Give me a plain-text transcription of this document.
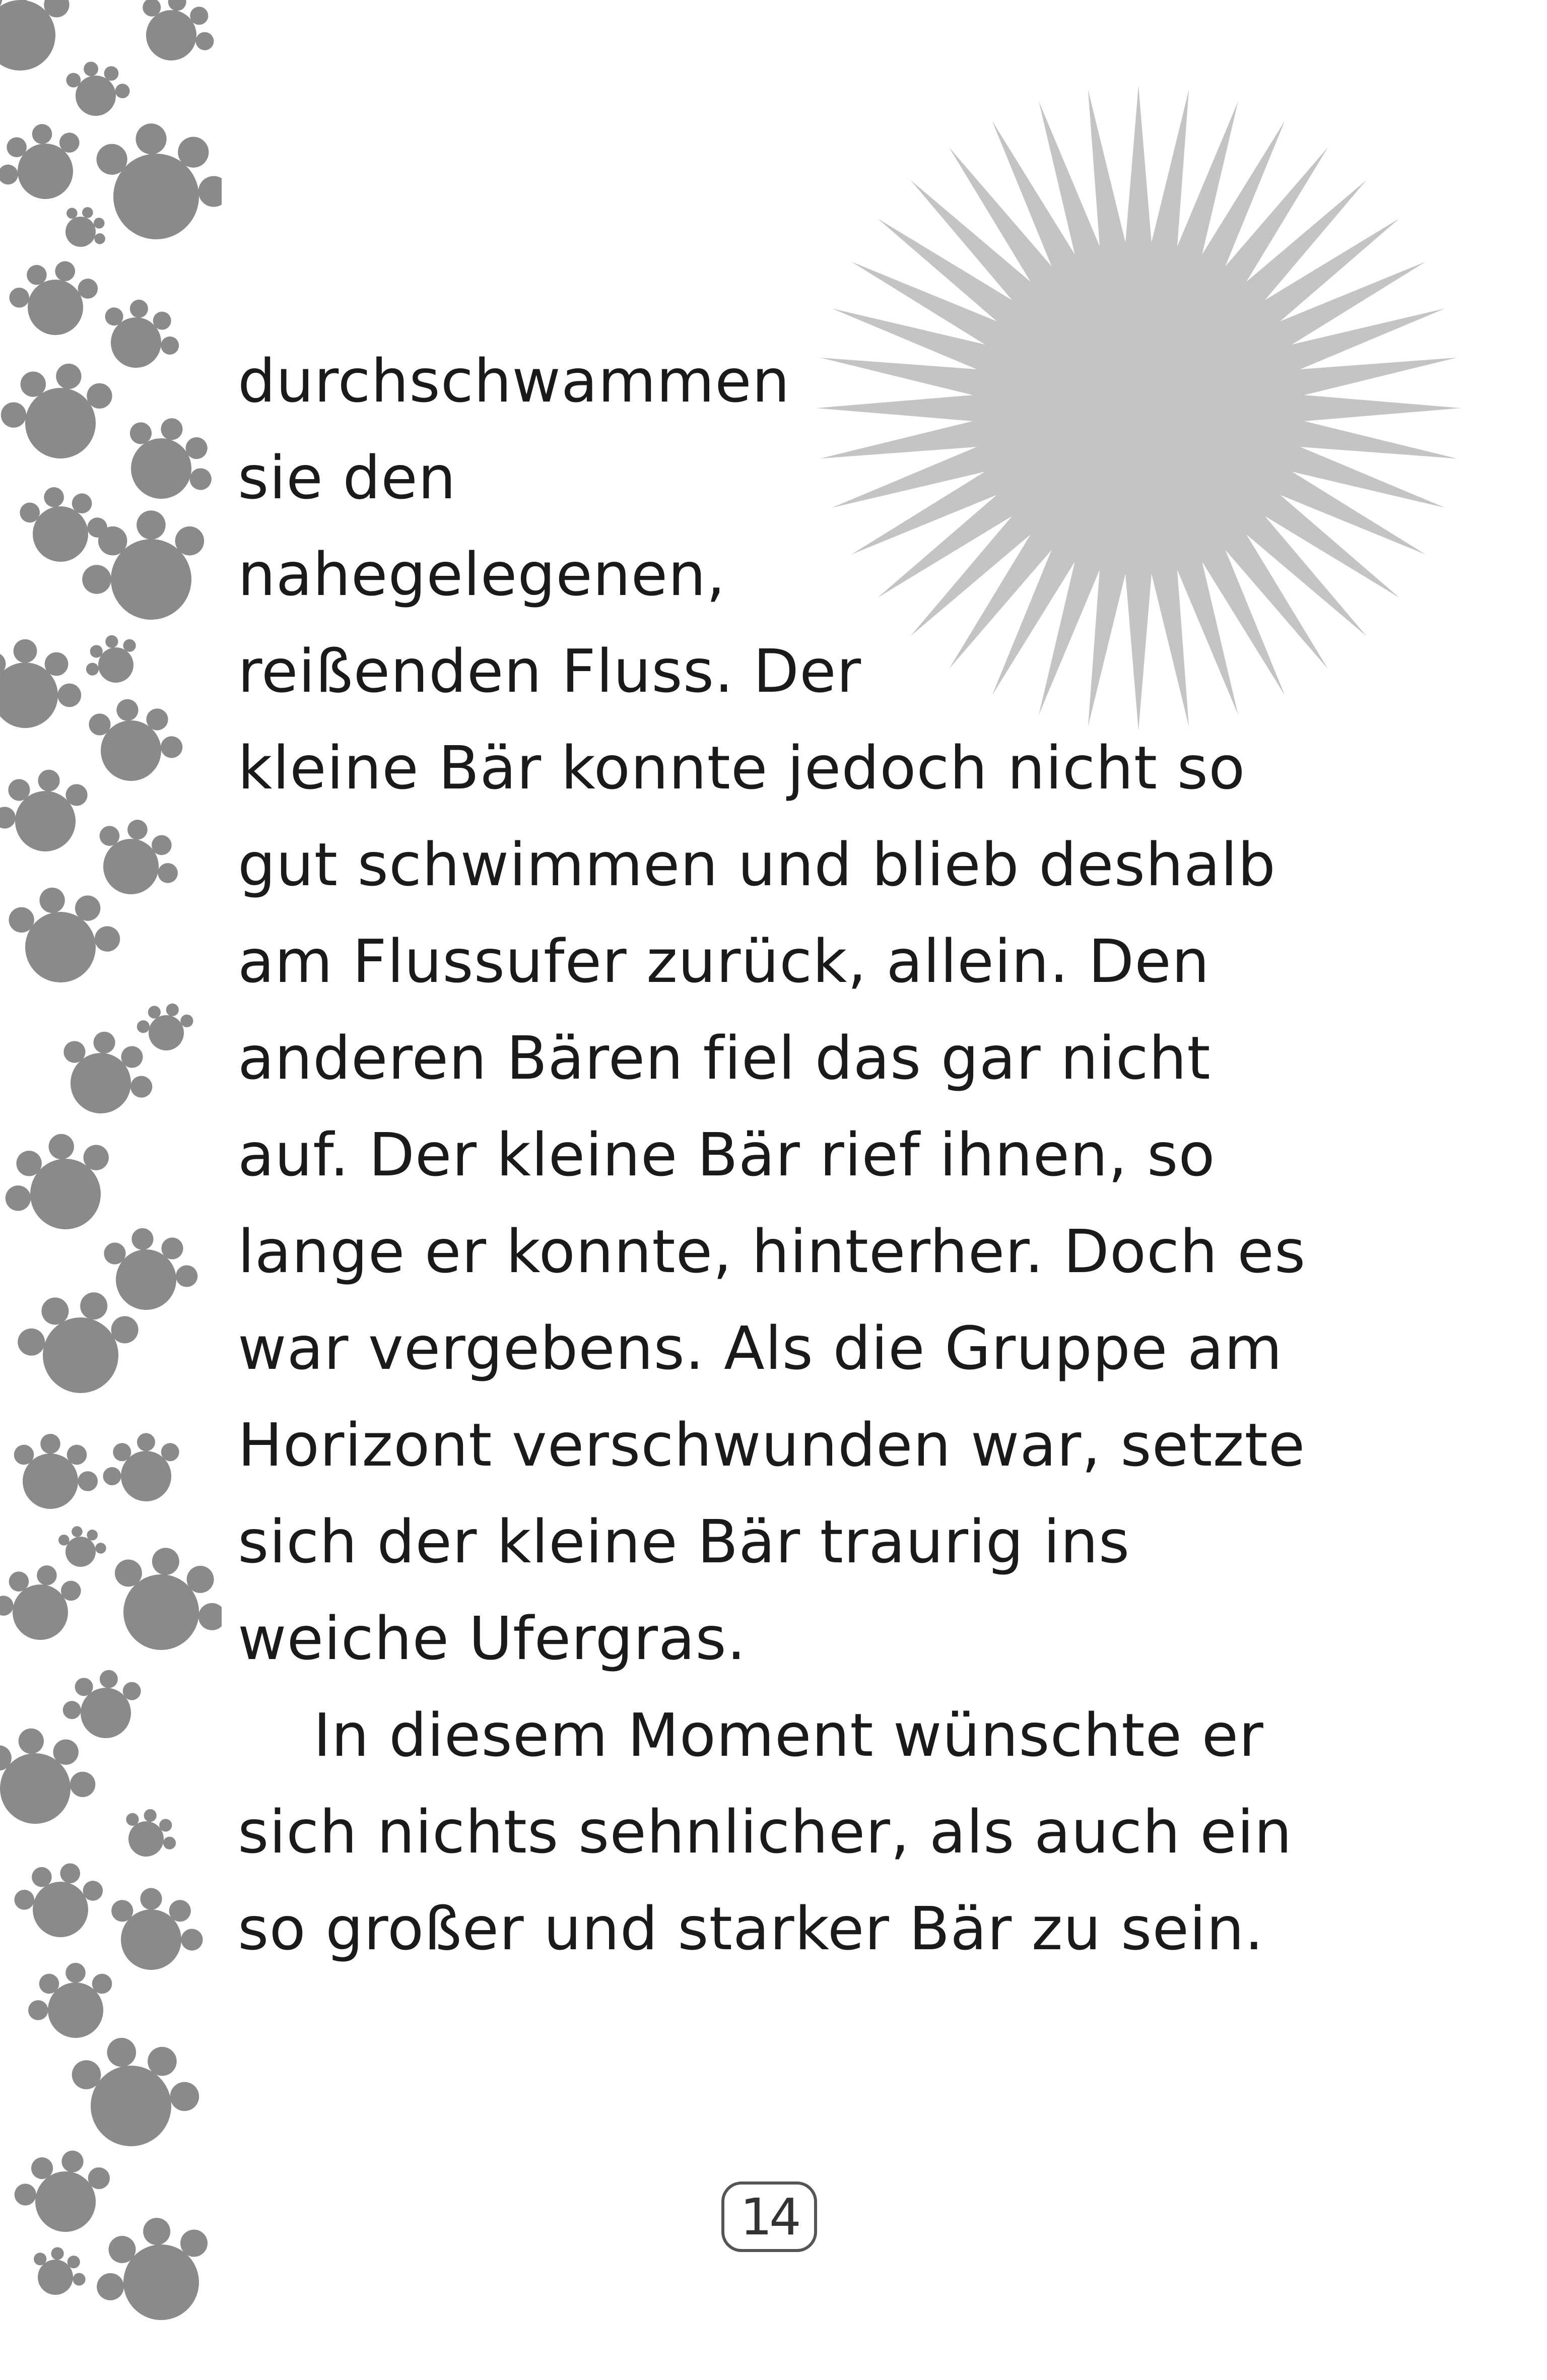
durchschwammen
sie den
nahegelegenen,
reißenden Fluss. Der
kleine Bär konnte jedoch nicht so
gut schwimmen und blieb deshalb
am Flussufer zurück, allein. Den
anderen Bären fiel das gar nicht
auf. Der kleine Bär rief ihnen, so
lange er konnte, hinterher. Doch es
war vergebens. Als die Gruppe am
Horizont verschwunden war, setzte
sich der kleine Bär traurig ins
weiche Ufergras.
In diesem Moment wünschte er
sich nichts sehnlicher, als auch ein
so großer und starker Bär zu sein.
14
